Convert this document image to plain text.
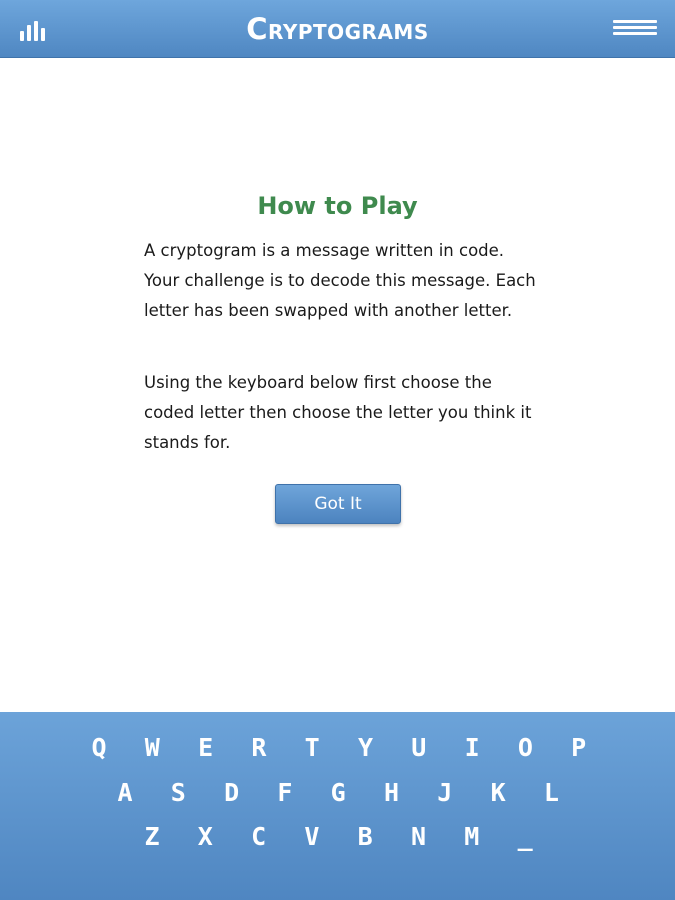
Cryptograms
How to Play

A cryptogram is a message written in code. Your challenge is to decode this message. Each letter has been swapped with another letter.

Using the keyboard below first choose the coded letter then choose the letter you think it stands for.

Got It
Q	W	E	R	T	Y	U	I	O	P
A	S	D	F	G	H	J	K	L
Z	X	C	V	B	N	M	_
